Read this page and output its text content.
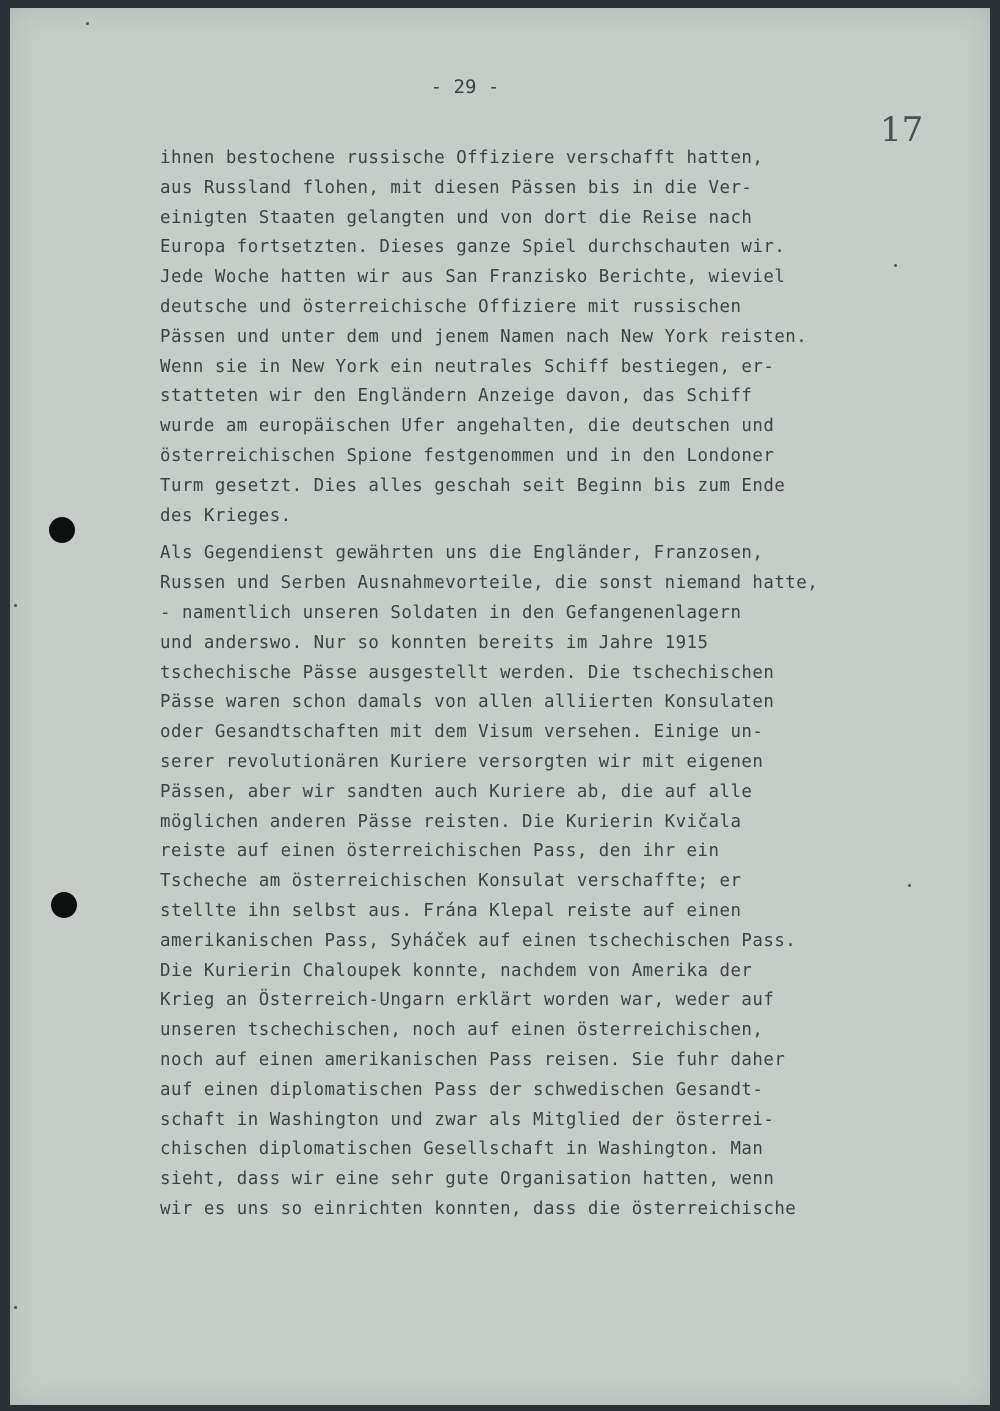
- 29 -
17

ihnen bestochene russische Offiziere verschafft hatten,
aus Russland flohen, mit diesen Pässen bis in die Ver-
einigten Staaten gelangten und von dort die Reise nach
Europa fortsetzten. Dieses ganze Spiel durchschauten wir.
Jede Woche hatten wir aus San Franzisko Berichte, wieviel
deutsche und österreichische Offiziere mit russischen
Pässen und unter dem und jenem Namen nach New York reisten.
Wenn sie in New York ein neutrales Schiff bestiegen, er-
statteten wir den Engländern Anzeige davon, das Schiff
wurde am europäischen Ufer angehalten, die deutschen und
österreichischen Spione festgenommen und in den Londoner
Turm gesetzt. Dies alles geschah seit Beginn bis zum Ende
des Krieges.

Als Gegendienst gewährten uns die Engländer, Franzosen,
Russen und Serben Ausnahmevorteile, die sonst niemand hatte,
- namentlich unseren Soldaten in den Gefangenenlagern
und anderswo. Nur so konnten bereits im Jahre 1915
tschechische Pässe ausgestellt werden. Die tschechischen
Pässe waren schon damals von allen alliierten Konsulaten
oder Gesandtschaften mit dem Visum versehen. Einige un-
serer revolutionären Kuriere versorgten wir mit eigenen
Pässen, aber wir sandten auch Kuriere ab, die auf alle
möglichen anderen Pässe reisten. Die Kurierin Kvičala
reiste auf einen österreichischen Pass, den ihr ein
Tscheche am österreichischen Konsulat verschaffte; er
stellte ihn selbst aus. Frána Klepal reiste auf einen
amerikanischen Pass, Syháček auf einen tschechischen Pass.
Die Kurierin Chaloupek konnte, nachdem von Amerika der
Krieg an Österreich-Ungarn erklärt worden war, weder auf
unseren tschechischen, noch auf einen österreichischen,
noch auf einen amerikanischen Pass reisen. Sie fuhr daher
auf einen diplomatischen Pass der schwedischen Gesandt-
schaft in Washington und zwar als Mitglied der österrei-
chischen diplomatischen Gesellschaft in Washington. Man
sieht, dass wir eine sehr gute Organisation hatten, wenn
wir es uns so einrichten konnten, dass die österreichische
